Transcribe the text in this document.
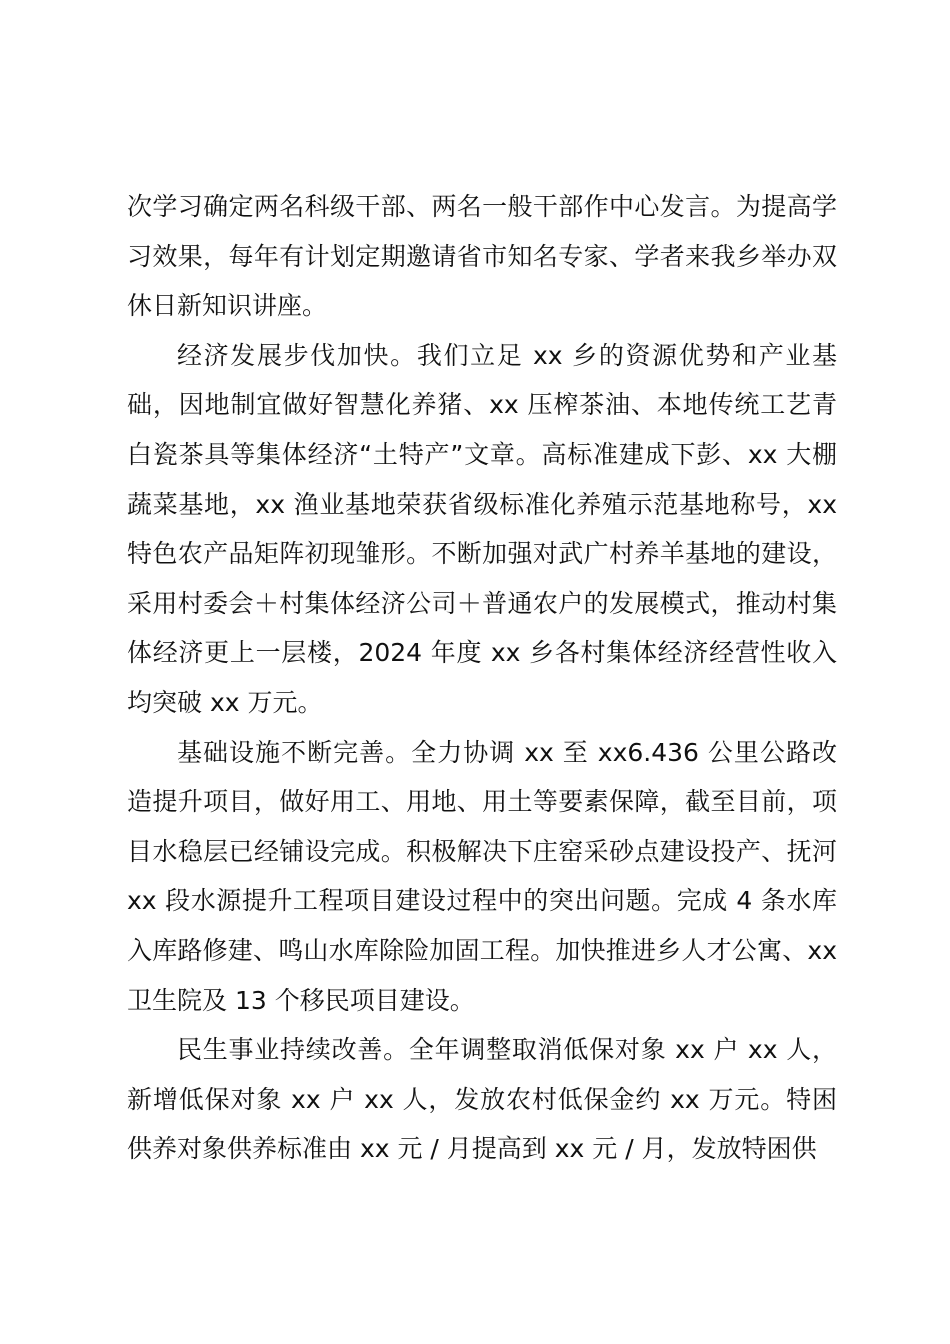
次学习确定两名科级干部、两名一般干部作中心发言。为提高学习效果，每年有计划定期邀请省市知名专家、学者来我乡举办双休日新知识讲座。

经济发展步伐加快。我们立足 xx 乡的资源优势和产业基础，因地制宜做好智慧化养猪、xx 压榨茶油、本地传统工艺青白瓷茶具等集体经济“土特产”文章。高标准建成下彭、xx 大棚蔬菜基地，xx 渔业基地荣获省级标准化养殖示范基地称号，xx 特色农产品矩阵初现雏形。不断加强对武广村养羊基地的建设，采用村委会＋村集体经济公司＋普通农户的发展模式，推动村集体经济更上一层楼，2024 年度 xx 乡各村集体经济经营性收入均突破 xx 万元。

基础设施不断完善。全力协调 xx 至 xx6.436 公里公路改造提升项目，做好用工、用地、用土等要素保障，截至目前，项目水稳层已经铺设完成。积极解决下庄窑采砂点建设投产、抚河 xx 段水源提升工程项目建设过程中的突出问题。完成 4 条水库入库路修建、鸣山水库除险加固工程。加快推进乡人才公寓、xx 卫生院及 13 个移民项目建设。

民生事业持续改善。全年调整取消低保对象 xx 户 xx 人，新增低保对象 xx 户 xx 人，发放农村低保金约 xx 万元。特困供养对象供养标准由 xx 元 / 月提高到 xx 元 / 月，发放特困供
